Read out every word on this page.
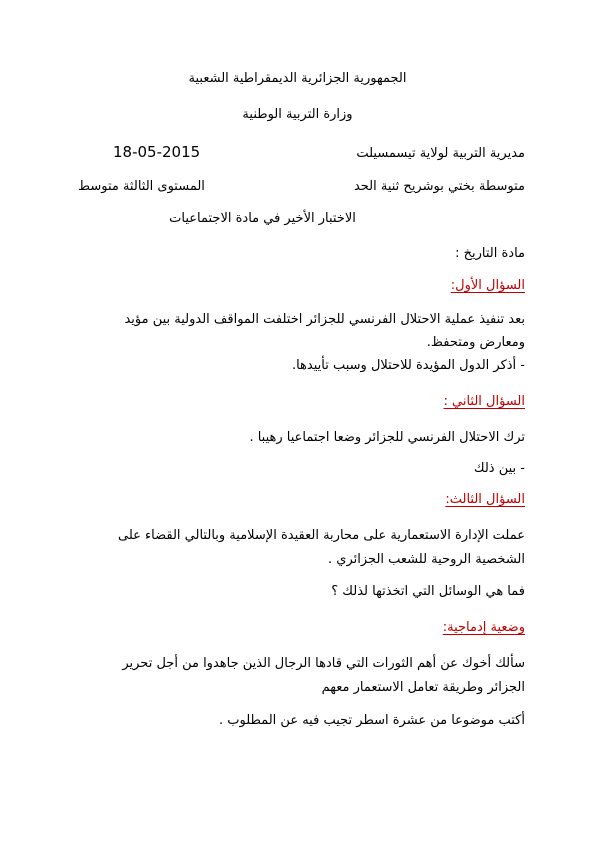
الجمهورية الجزائرية الديمقراطية الشعبية
وزارة التربية الوطنية
مديرية التربية لولاية تيسمسيلت
18-05-2015
متوسطة بختي بوشريح ثنية الحد
المستوى الثالثة متوسط
الاختبار الأخير في مادة الاجتماعيات
مادة التاريخ :
السؤال الأول:
بعد تنفيذ عملية الاحتلال الفرنسي للجزائر اختلفت المواقف الدولية بين مؤيد
ومعارض ومتحفظ.
- أذكر الدول المؤيدة للاحتلال وسبب تأييدها.
السؤال الثاني :
ترك الاحتلال الفرنسي للجزائر وضعا اجتماعيا رهيبا .
- بين ذلك
السؤال الثالث:
عملت الإدارة الاستعمارية على محاربة العقيدة الإسلامية وبالتالي القضاء على
الشخصية الروحية للشعب الجزائري .
فما هي الوسائل التي اتخذتها لذلك ؟
وضعية إدماجية:
سألك أخوك عن أهم الثورات التي قادها الرجال الذين جاهدوا من أجل تحرير
الجزائر وطريقة تعامل الاستعمار معهم
أكتب موضوعا من عشرة اسطر تجيب فيه عن المطلوب .
